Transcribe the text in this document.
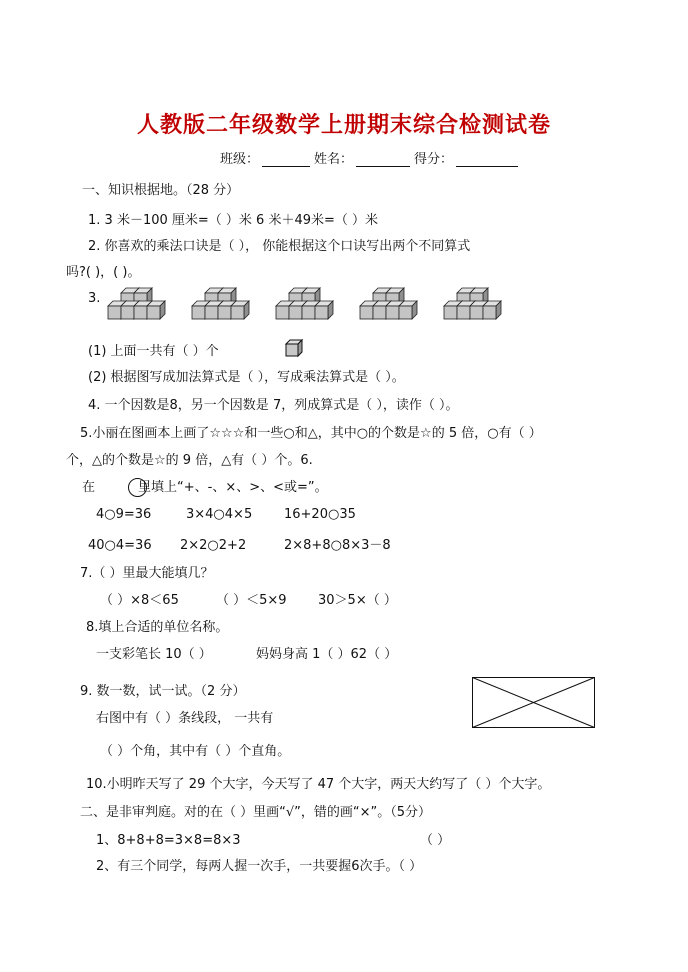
人教版二年级数学上册期末综合检测试卷
班级：	姓名：	得分：
一、知识根据地。（28 分）
1. 3 米－100 厘米=（ ）米 6 米＋49米=（ ）米
2. 你喜欢的乘法口诀是（ ）， 你能根据这个口诀写出两个不同算式
吗?( )，( )。
3.
(1) 上面一共有（ ）个
(2) 根据图写成加法算式是（ ），写成乘法算式是（ ）。
4. 一个因数是8，另一个因数是 7，列成算式是（ ），读作（ ）。
5.小丽在图画本上画了☆☆☆和一些○和△，其中○的个数是☆的 5 倍，○有（ ）
个，△的个数是☆的 9 倍，△有（ ）个。6.
在	里填上“+、-、×、>、<或=”。
4○9=36	3×4○4×5 16+20○35
40○4=36 2×2○2+2	2×8+8○8×3－8
7.（ ）里最大能填几？
（ ）×8＜65	（ ）＜5×9 30＞5×（ ）
8.填上合适的单位名称。
一支彩笔长 10（ ）	妈妈身高 1（ ）62（ ）
9. 数一数，试一试。（2 分）
右图中有（ ）条线段， 一共有
（ ）个角，其中有（ ）个直角。
10.小明昨天写了 29 个大字，今天写了 47 个大字，两天大约写了（ ）个大字。
二、是非审判庭。对的在（ ）里画“√”，错的画“×”。（5分）
1、8+8+8=3×8=8×3	（ ）
2、有三个同学，每两人握一次手，一共要握6次手。（ ）
